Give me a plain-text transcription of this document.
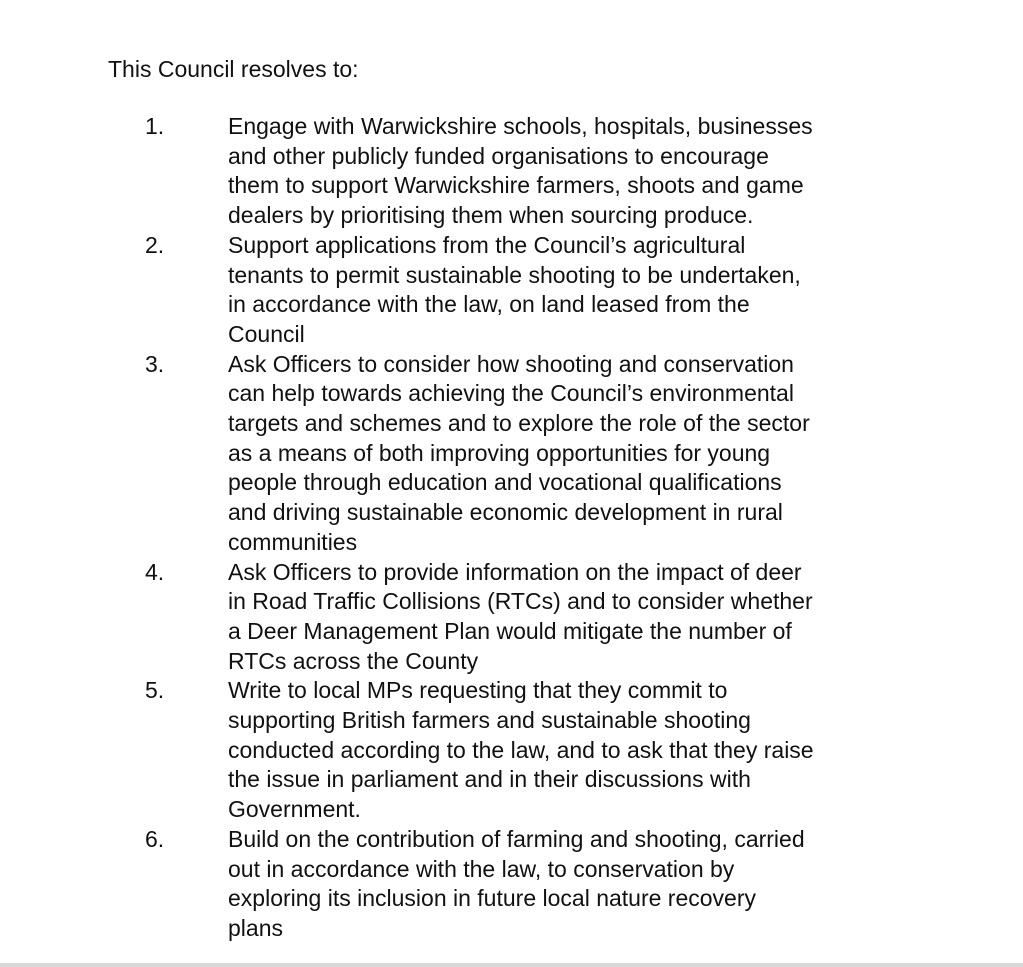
This Council resolves to:

1.	Engage with Warwickshire schools, hospitals, businesses
and other publicly funded organisations to encourage
them to support Warwickshire farmers, shoots and game
dealers by prioritising them when sourcing produce.
2.	Support applications from the Council’s agricultural
tenants to permit sustainable shooting to be undertaken,
in accordance with the law, on land leased from the
Council
3.	Ask Officers to consider how shooting and conservation
can help towards achieving the Council’s environmental
targets and schemes and to explore the role of the sector
as a means of both improving opportunities for young
people through education and vocational qualifications
and driving sustainable economic development in rural
communities
4.	Ask Officers to provide information on the impact of deer
in Road Traffic Collisions (RTCs) and to consider whether
a Deer Management Plan would mitigate the number of
RTCs across the County
5.	Write to local MPs requesting that they commit to
supporting British farmers and sustainable shooting
conducted according to the law, and to ask that they raise
the issue in parliament and in their discussions with
Government.
6.	Build on the contribution of farming and shooting, carried
out in accordance with the law, to conservation by
exploring its inclusion in future local nature recovery
plans
